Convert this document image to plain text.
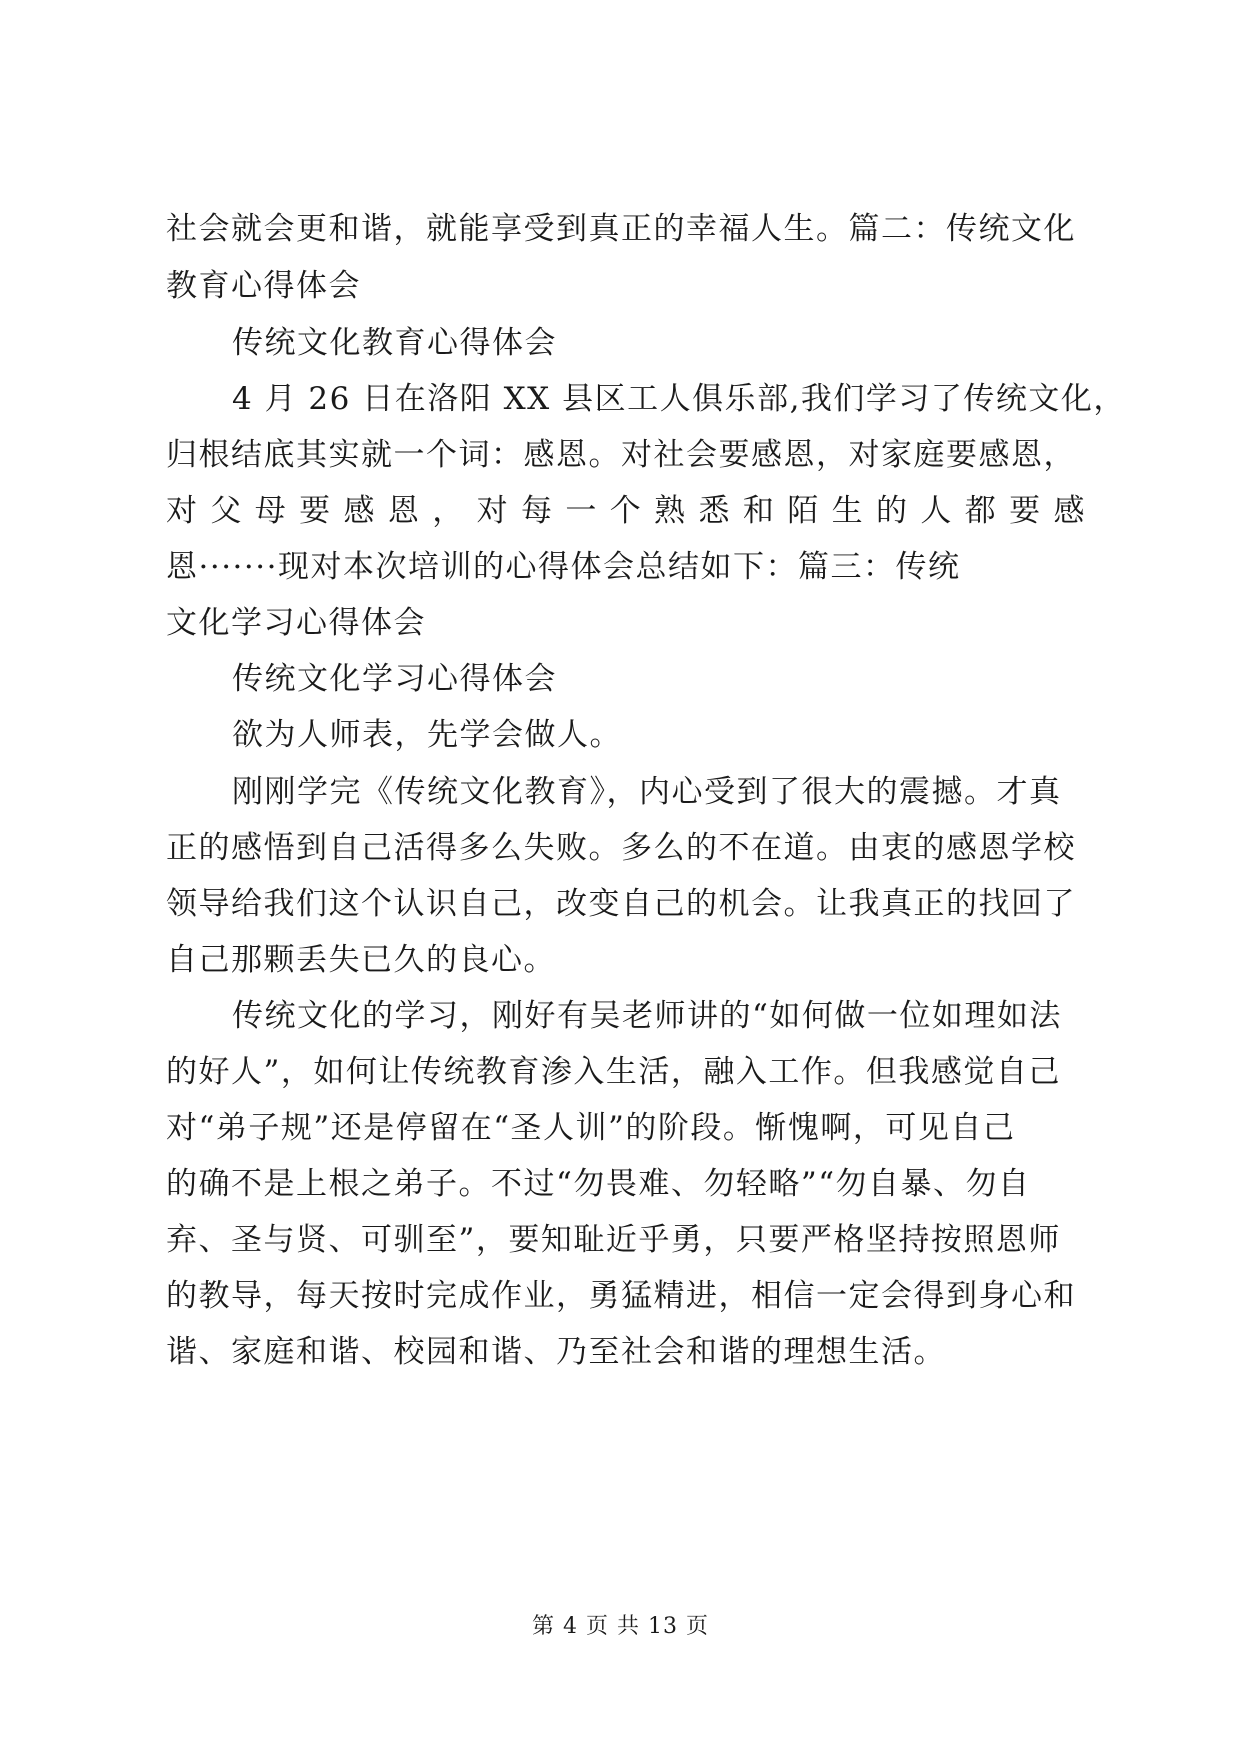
社会就会更和谐，就能享受到真正的幸福人生。篇二：传统文化
教育心得体会
传统文化教育心得体会
4 月 26 日在洛阳 XX 县区工人俱乐部,我们学习了传统文化，
归根结底其实就一个词：感恩。对社会要感恩，对家庭要感恩，
对 父 母 要 感 恩 ， 对 每 一 个 熟 悉 和 陌 生 的 人 都 要 感
恩·······现对本次培训的心得体会总结如下：篇三：传统
文化学习心得体会
传统文化学习心得体会
欲为人师表，先学会做人。
刚刚学完《传统文化教育》，内心受到了很大的震撼。才真
正的感悟到自己活得多么失败。多么的不在道。由衷的感恩学校
领导给我们这个认识自己，改变自己的机会。让我真正的找回了
自己那颗丢失已久的良心。
传统文化的学习，刚好有吴老师讲的“如何做一位如理如法
的好人”，如何让传统教育渗入生活，融入工作。但我感觉自己
对“弟子规”还是停留在“圣人训”的阶段。惭愧啊，可见自己
的确不是上根之弟子。不过“勿畏难、勿轻略”“勿自暴、勿自
弃、圣与贤、可驯至”，要知耻近乎勇，只要严格坚持按照恩师
的教导，每天按时完成作业，勇猛精进，相信一定会得到身心和
谐、家庭和谐、校园和谐、乃至社会和谐的理想生活。
第 4 页 共 13 页
